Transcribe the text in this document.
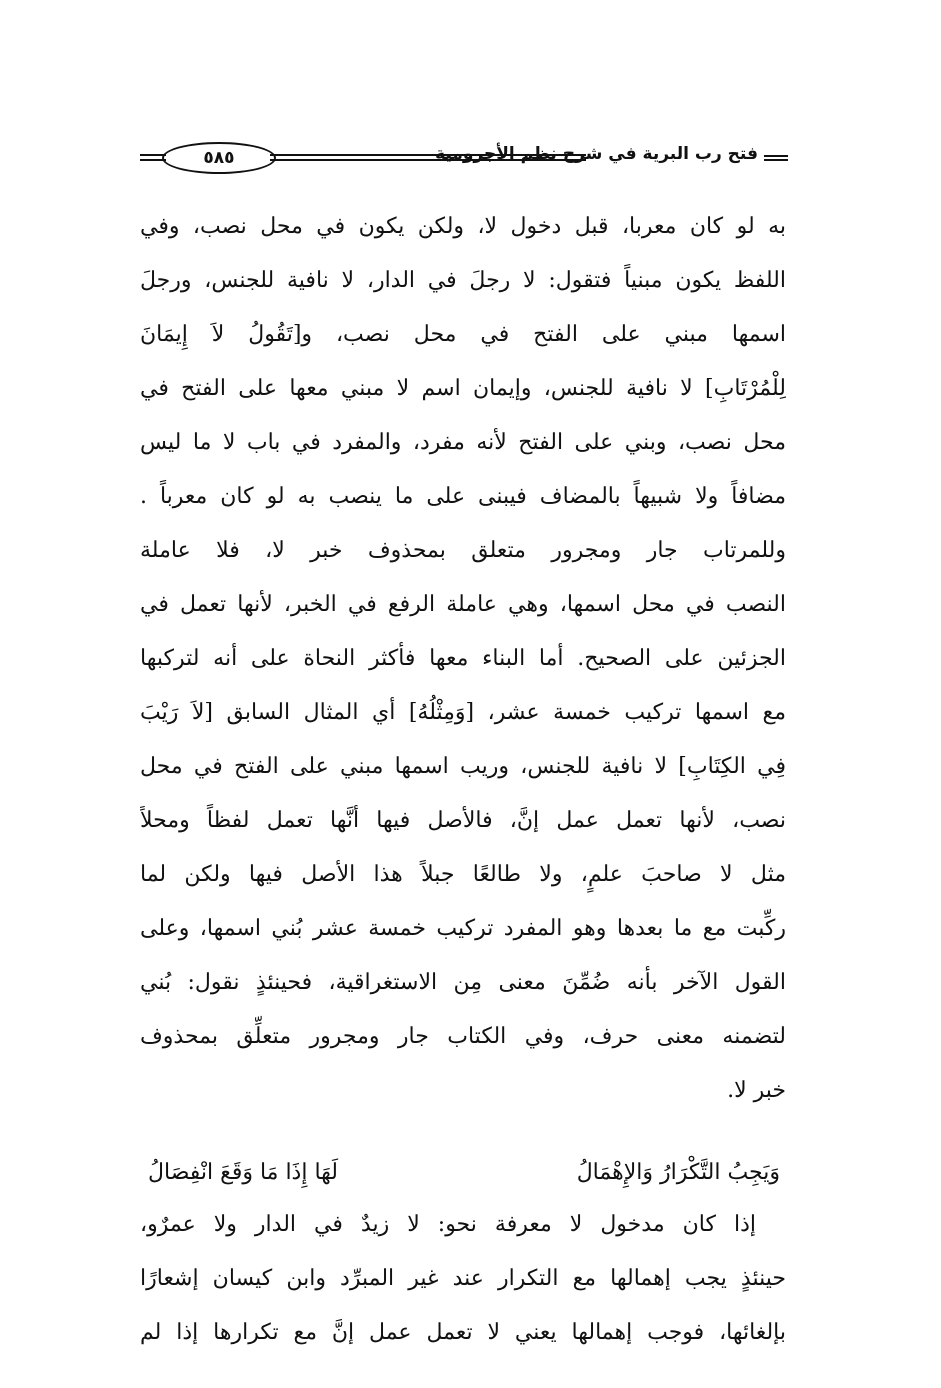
فتح رب البرية في شرح نظم الأجرومية
٥٨٥
به لو كان معربا، قبل دخول لا، ولكن يكون في محل نصب، وفي
اللفظ يكون مبنياً فتقول: لا رجلَ في الدار، لا نافية للجنس، ورجلَ
اسمها مبني على الفتح في محل نصب، و[تَقُولُ لاَ إِيمَانَ
لِلْمُرْتَابِ] لا نافية للجنس، وإيمان اسم لا مبني معها على الفتح في
محل نصب، وبني على الفتح لأنه مفرد، والمفرد في باب لا ما ليس
مضافاً ولا شبيهاً بالمضاف فيبنى على ما ينصب به لو كان معرباً .
وللمرتاب جار ومجرور متعلق بمحذوف خبر لا، فلا عاملة
النصب في محل اسمها، وهي عاملة الرفع في الخبر، لأنها تعمل في
الجزئين على الصحيح. أما البناء معها فأكثر النحاة على أنه لتركبها
مع اسمها تركيب خمسة عشر، [وَمِثْلُهُ] أي المثال السابق [لاَ رَيْبَ
فِي الكِتَابِ] لا نافية للجنس، وريب اسمها مبني على الفتح في محل
نصب، لأنها تعمل عمل إنَّ، فالأصل فيها أنَّها تعمل لفظاً ومحلاً
مثل لا صاحبَ علمٍ، ولا طالعًا جبلاً هذا الأصل فيها ولكن لما
ركِّبت مع ما بعدها وهو المفرد تركيب خمسة عشر بُني اسمها، وعلى
القول الآخر بأنه ضُمِّنَ معنى مِن الاستغراقية، فحينئذٍ نقول: بُني
لتضمنه معنى حرف، وفي الكتاب جار ومجرور متعلِّق بمحذوف
خبر لا.
وَيَجِبُ التَّكْرَارُ وَالإِهْمَالُ
لَهَا إِذَا مَا وَقَعَ انْفِصَالُ
إذا كان مدخول لا معرفة نحو: لا زيدٌ في الدار ولا عمرٌو،
حينئذٍ يجب إهمالها مع التكرار عند غير المبرِّد وابن كيسان إشعارًا
بإلغائها، فوجب إهمالها يعني لا تعمل عمل إنَّ مع تكرارها إذا لم
